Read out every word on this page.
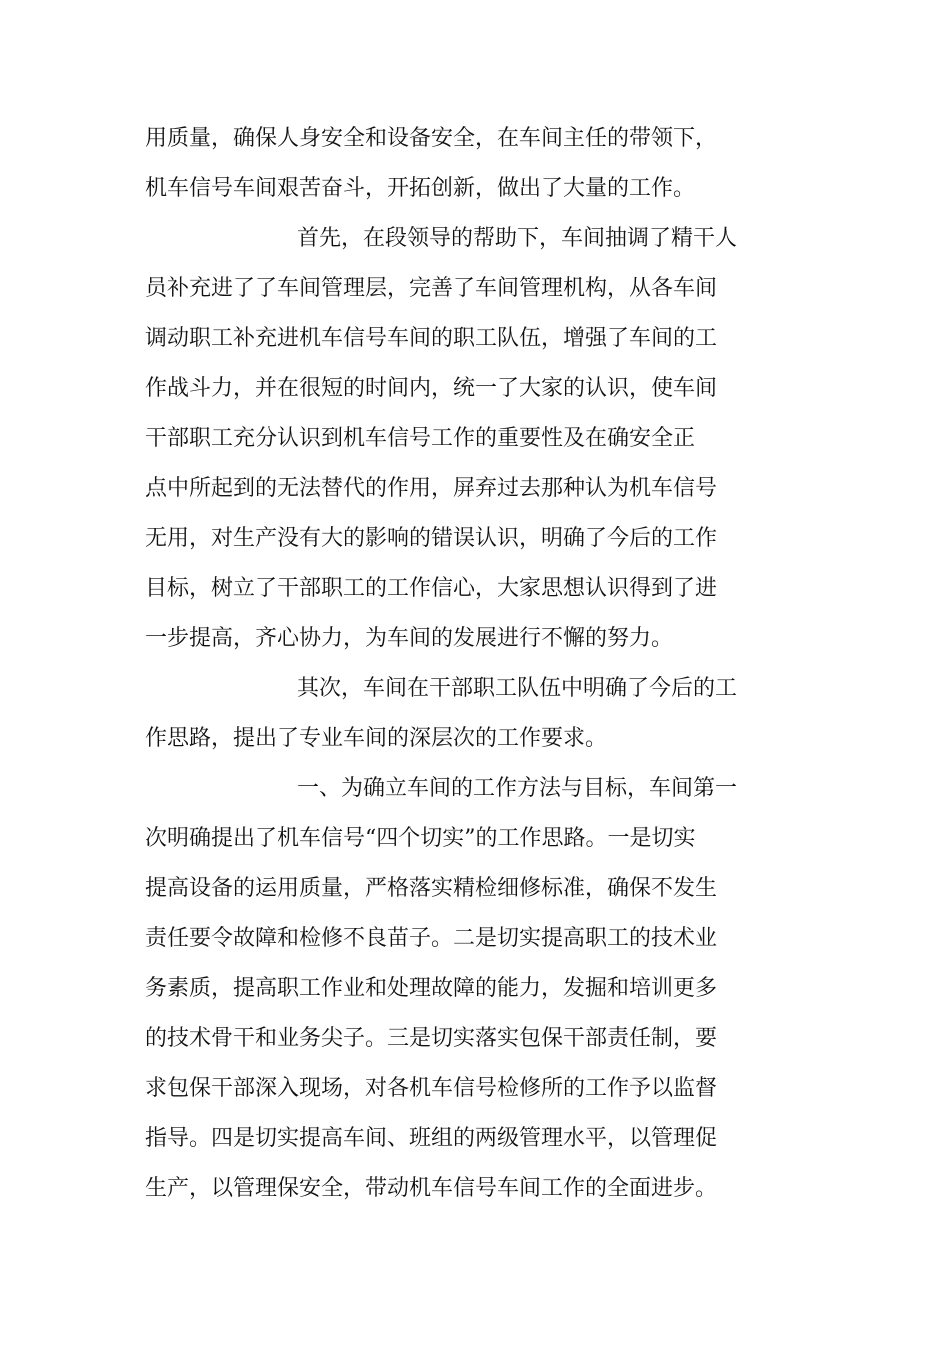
用质量，确保人身安全和设备安全，在车间主任的带领下，
机车信号车间艰苦奋斗，开拓创新，做出了大量的工作。
首先，在段领导的帮助下，车间抽调了精干人
员补充进了了车间管理层，完善了车间管理机构，从各车间
调动职工补充进机车信号车间的职工队伍，增强了车间的工
作战斗力，并在很短的时间内，统一了大家的认识，使车间
干部职工充分认识到机车信号工作的重要性及在确安全正
点中所起到的无法替代的作用，屏弃过去那种认为机车信号
无用，对生产没有大的影响的错误认识，明确了今后的工作
目标，树立了干部职工的工作信心，大家思想认识得到了进
一步提高，齐心协力，为车间的发展进行不懈的努力。
其次，车间在干部职工队伍中明确了今后的工
作思路，提出了专业车间的深层次的工作要求。
一、为确立车间的工作方法与目标，车间第一
次明确提出了机车信号“四个切实”的工作思路。一是切实
提高设备的运用质量，严格落实精检细修标准，确保不发生
责任要令故障和检修不良苗子。二是切实提高职工的技术业
务素质，提高职工作业和处理故障的能力，发掘和培训更多
的技术骨干和业务尖子。三是切实落实包保干部责任制，要
求包保干部深入现场，对各机车信号检修所的工作予以监督
指导。四是切实提高车间、班组的两级管理水平，以管理促
生产，以管理保安全，带动机车信号车间工作的全面进步。
